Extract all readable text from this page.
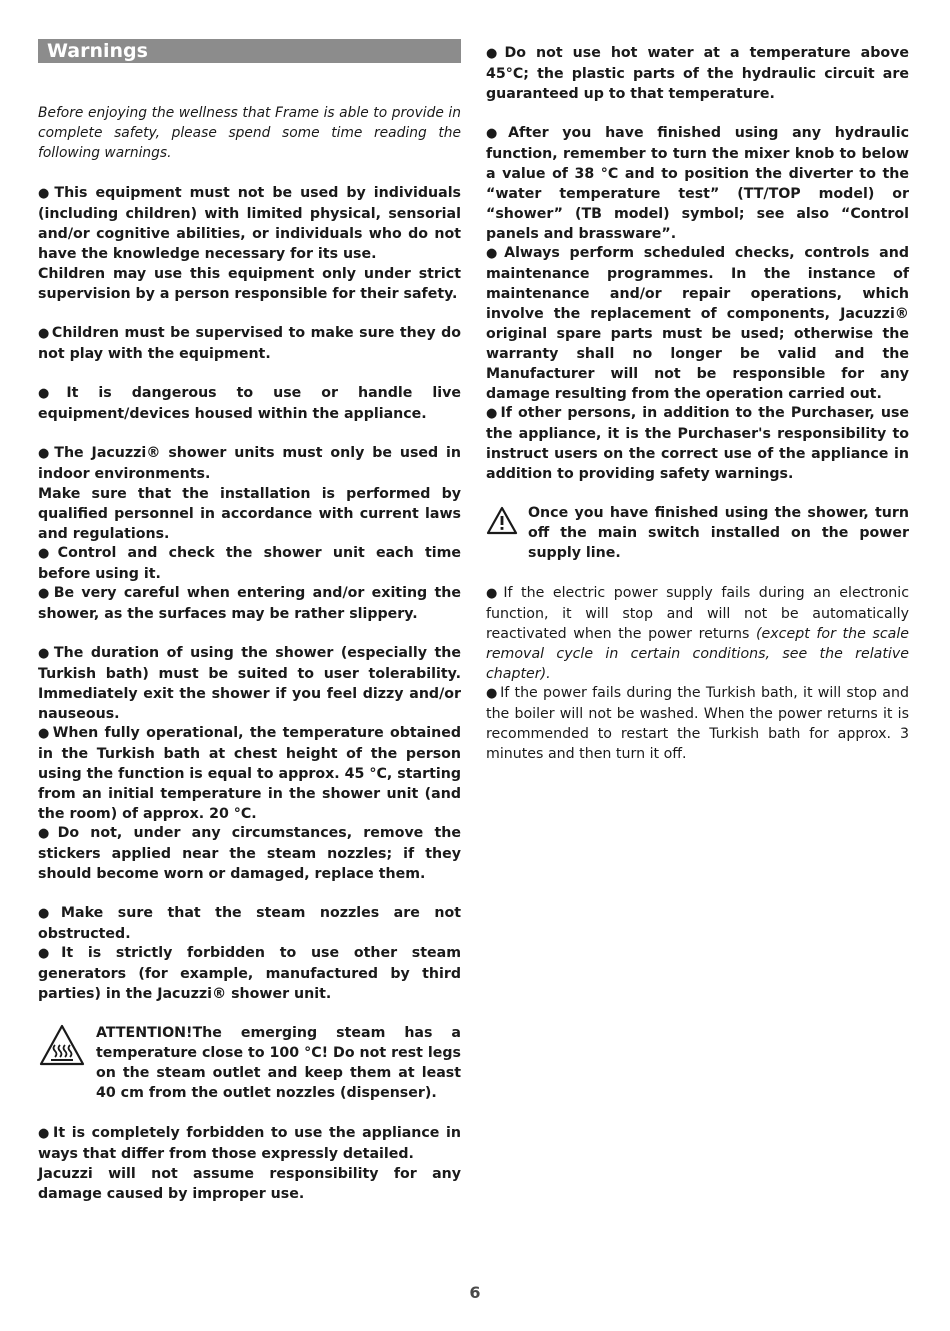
Warnings

Before enjoying the wellness that Frame is able to provide in complete safety, please spend some time reading the following warnings.

● This equipment must not be used by individuals (including children) with limited physical, sensorial and/or cognitive abilities, or individuals who do not have the knowledge necessary for its use.
Children may use this equipment only under strict supervision by a person responsible for their safety.

● Children must be supervised to make sure they do not play with the equipment.

● It is dangerous to use or handle live equipment/devices housed within the appliance.

● The Jacuzzi® shower units must only be used in indoor environments.
Make sure that the installation is performed by qualified personnel in accordance with current laws and regulations.

● Control and check the shower unit each time before using it.

● Be very careful when entering and/or exiting the shower, as the surfaces may be rather slippery.

● The duration of using the shower (especially the Turkish bath) must be suited to user tolerability. Immediately exit the shower if you feel dizzy and/or nauseous.

● When fully operational, the temperature obtained in the Turkish bath at chest height of the person using the function is equal to approx. 45 °C, starting from an initial temperature in the shower unit (and the room) of approx. 20 °C.

● Do not, under any circumstances, remove the stickers applied near the steam nozzles; if they should become worn or damaged, replace them.

● Make sure that the steam nozzles are not obstructed.

● It is strictly forbidden to use other steam generators (for example, manufactured by third parties) in the Jacuzzi® shower unit.

ATTENTION!The emerging steam has a temperature close to 100 °C! Do not rest legs on the steam outlet and keep them at least 40 cm from the outlet nozzles (dispenser).

● It is completely forbidden to use the appliance in ways that differ from those expressly detailed.
Jacuzzi will not assume responsibility for any damage caused by improper use.

● Do not use hot water at a temperature above 45°C; the plastic parts of the hydraulic circuit are guaranteed up to that temperature.

● After you have finished using any hydraulic function, remember to turn the mixer knob to below a value of 38 °C and to position the diverter to the “water temperature test” (TT/TOP model) or “shower” (TB model) symbol; see also “Control panels and brassware”.

● Always perform scheduled checks, controls and maintenance programmes. In the instance of maintenance and/or repair operations, which involve the replacement of components, Jacuzzi® original spare parts must be used; otherwise the warranty shall no longer be valid and the Manufacturer will not be responsible for any damage resulting from the operation carried out.

● If other persons, in addition to the Purchaser, use the appliance, it is the Purchaser's responsibility to instruct users on the correct use of the appliance in addition to providing safety warnings.

Once you have finished using the shower, turn off the main switch installed on the power supply line.

● If the electric power supply fails during an electronic function, it will stop and will not be automatically reactivated when the power returns (except for the scale removal cycle in certain conditions, see the relative chapter).

● If the power fails during the Turkish bath, it will stop and the boiler will not be washed. When the power returns it is recommended to restart the Turkish bath for approx. 3 minutes and then turn it off.

6
